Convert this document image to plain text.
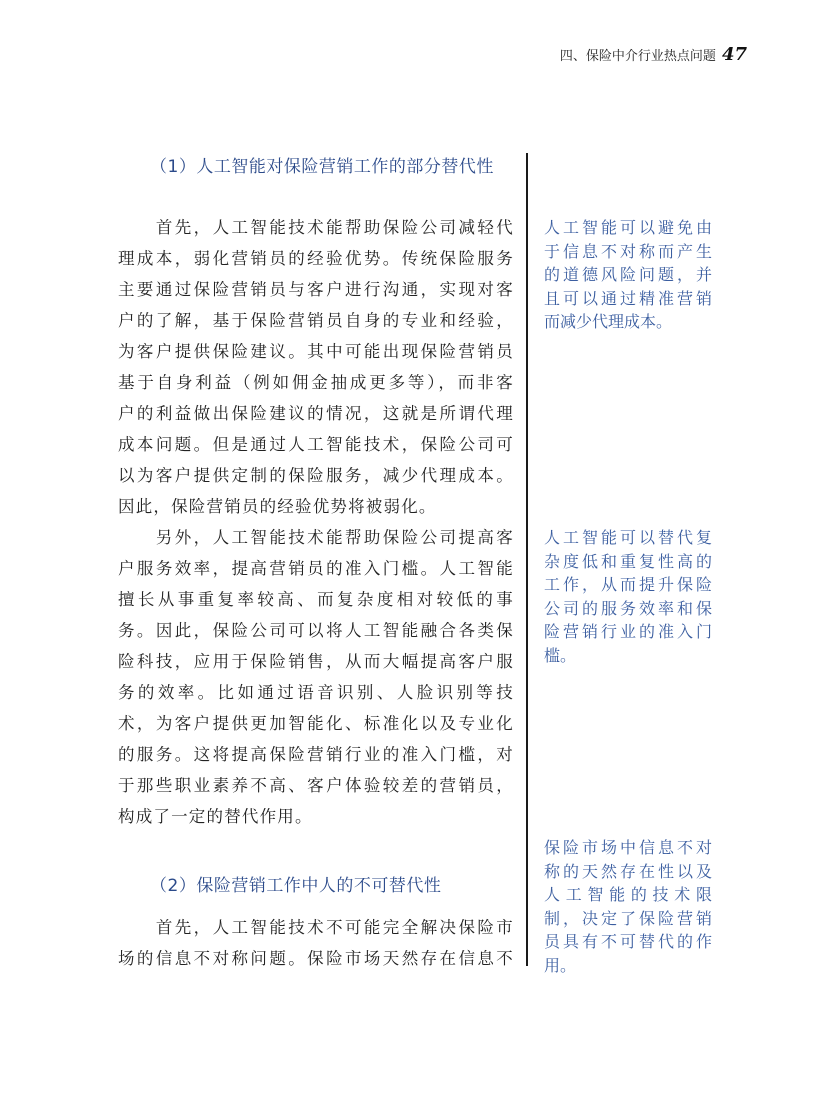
四、保险中介行业热点问题 47
（1）人工智能对保险营销工作的部分替代性

　　首先，人工智能技术能帮助保险公司减轻代
理成本，弱化营销员的经验优势。传统保险服务
主要通过保险营销员与客户进行沟通，实现对客
户的了解，基于保险营销员自身的专业和经验，
为客户提供保险建议。其中可能出现保险营销员
基于自身利益（例如佣金抽成更多等），而非客
户的利益做出保险建议的情况，这就是所谓代理
成本问题。但是通过人工智能技术，保险公司可
以为客户提供定制的保险服务，减少代理成本。
因此，保险营销员的经验优势将被弱化。

　　另外，人工智能技术能帮助保险公司提高客
户服务效率，提高营销员的准入门槛。人工智能
擅长从事重复率较高、而复杂度相对较低的事
务。因此，保险公司可以将人工智能融合各类保
险科技，应用于保险销售，从而大幅提高客户服
务的效率。比如通过语音识别、人脸识别等技
术，为客户提供更加智能化、标准化以及专业化
的服务。这将提高保险营销行业的准入门槛，对
于那些职业素养不高、客户体验较差的营销员，
构成了一定的替代作用。

（2）保险营销工作中人的不可替代性

　　首先，人工智能技术不可能完全解决保险市
场的信息不对称问题。保险市场天然存在信息不

人工智能可以避免由
于信息不对称而产生
的道德风险问题，并
且可以通过精准营销
而减少代理成本。
人工智能可以替代复
杂度低和重复性高的
工作，从而提升保险
公司的服务效率和保
险营销行业的准入门
槛。
保险市场中信息不对
称的天然存在性以及
人工智能的技术限
制，决定了保险营销
员具有不可替代的作
用。
